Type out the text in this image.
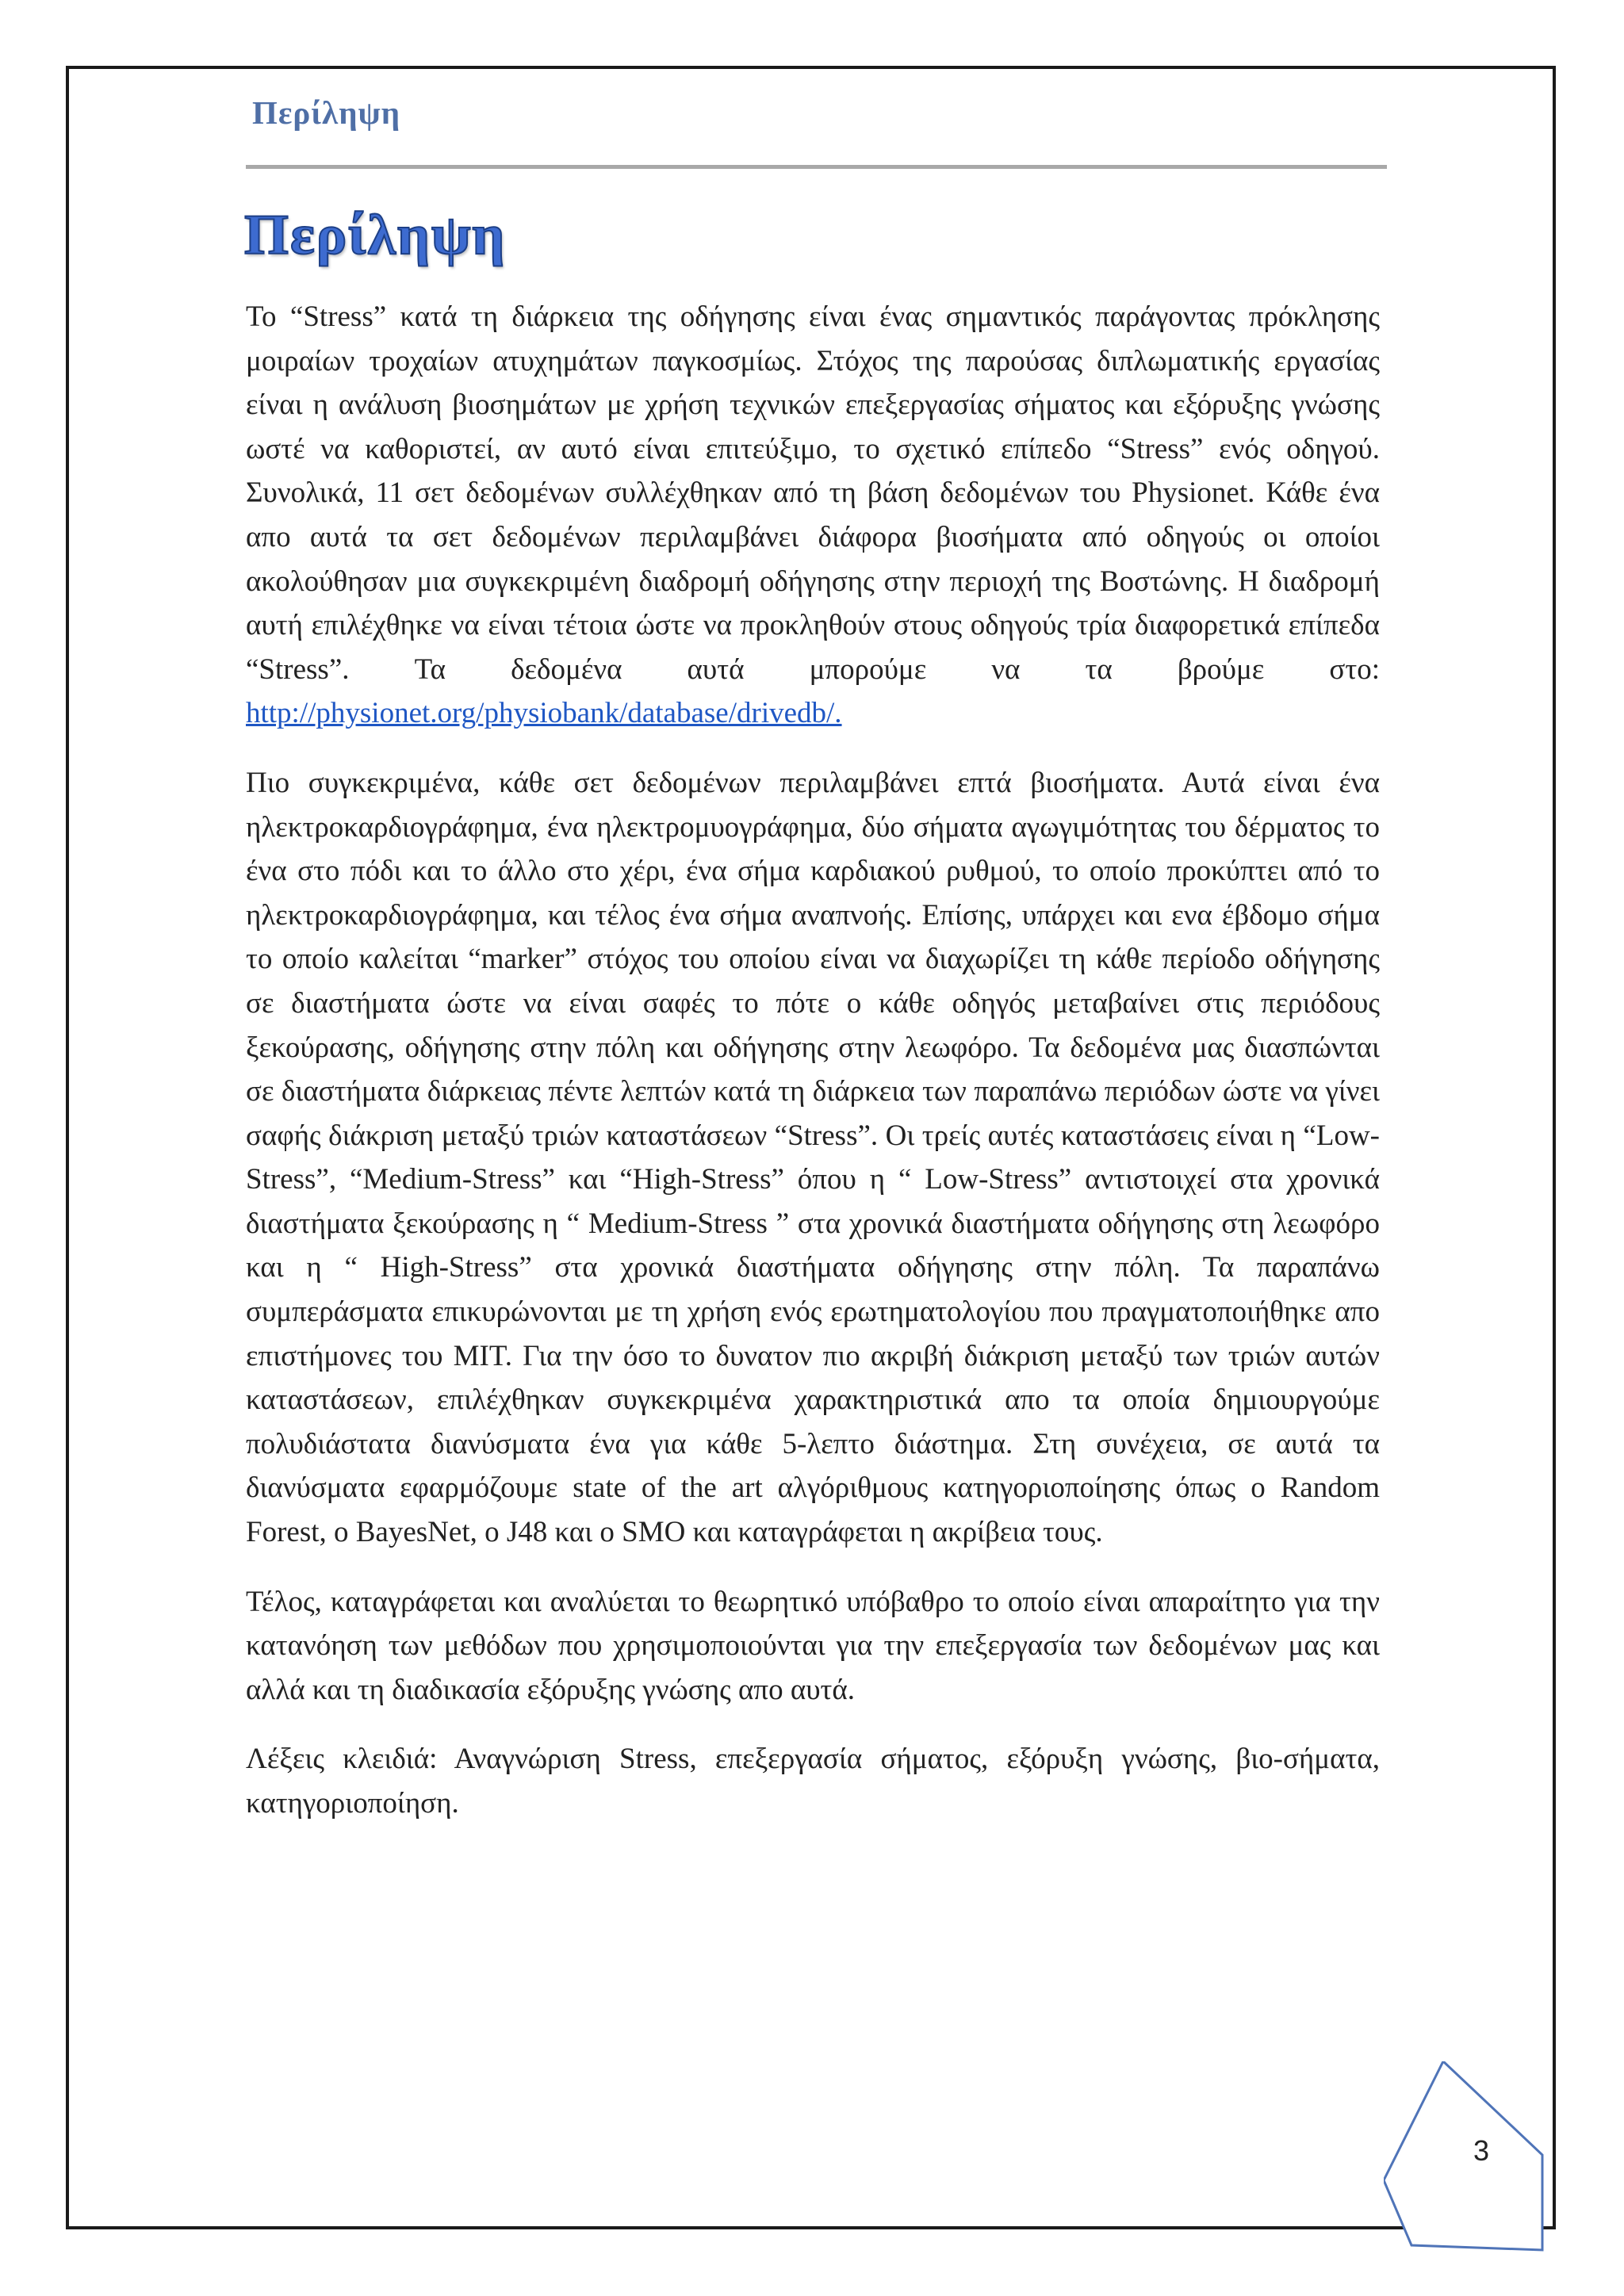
Περίληψη
Περίληψη

Το “Stress” κατά τη διάρκεια της οδήγησης είναι ένας σημαντικός παράγοντας πρόκλησης μοιραίων τροχαίων ατυχημάτων παγκοσμίως. Στόχος της παρούσας διπλωματικής εργασίας είναι η ανάλυση βιοσημάτων με χρήση τεχνικών επεξεργασίας σήματος και εξόρυξης γνώσης ωστέ να καθοριστεί, αν αυτό είναι επιτεύξιμο, το σχετικό επίπεδο “Stress” ενός οδηγού. Συνολικά, 11 σετ δεδομένων συλλέχθηκαν από τη βάση δεδομένων του Physionet. Κάθε ένα απο αυτά τα σετ δεδομένων περιλαμβάνει διάφορα βιοσήματα από οδηγούς οι οποίοι ακολούθησαν μια συγκεκριμένη διαδρομή οδήγησης στην περιοχή της Βοστώνης. Η διαδρομή αυτή επιλέχθηκε να είναι τέτοια ώστε να προκληθούν στους οδηγούς τρία διαφορετικά επίπεδα “Stress”. Τα δεδομένα αυτά μπορούμε να τα βρούμε στο: http://physionet.org/physiobank/database/drivedb/.

Πιο συγκεκριμένα, κάθε σετ δεδομένων περιλαμβάνει επτά βιοσήματα. Αυτά είναι ένα ηλεκτροκαρδιογράφημα, ένα ηλεκτρομυογράφημα, δύο σήματα αγωγιμότητας του δέρματος το ένα στο πόδι και το άλλο στο χέρι, ένα σήμα καρδιακού ρυθμού, το οποίο προκύπτει από το ηλεκτροκαρδιογράφημα, και τέλος ένα σήμα αναπνοής. Επίσης, υπάρχει και ενα έβδομο σήμα το οποίο καλείται “marker” στόχος του οποίου είναι να διαχωρίζει τη κάθε περίοδο οδήγησης σε διαστήματα ώστε να είναι σαφές το πότε ο κάθε οδηγός μεταβαίνει στις περιόδους ξεκούρασης, οδήγησης στην πόλη και οδήγησης στην λεωφόρο. Τα δεδομένα μας διασπώνται σε διαστήματα διάρκειας πέντε λεπτών κατά τη διάρκεια των παραπάνω περιόδων ώστε να γίνει σαφής διάκριση μεταξύ τριών καταστάσεων “Stress”. Οι τρείς αυτές καταστάσεις είναι η “Low-Stress”, “Medium-Stress” και “High-Stress” όπου η “ Low-Stress” αντιστοιχεί στα χρονικά διαστήματα ξεκούρασης η “ Medium-Stress ” στα χρονικά διαστήματα οδήγησης στη λεωφόρο και η “ High-Stress” στα χρονικά διαστήματα οδήγησης στην πόλη. Τα παραπάνω συμπεράσματα επικυρώνονται με τη χρήση ενός ερωτηματολογίου που πραγματοποιήθηκε απο επιστήμονες του MIT. Για την όσο το δυνατον πιο ακριβή διάκριση μεταξύ των τριών αυτών καταστάσεων, επιλέχθηκαν συγκεκριμένα χαρακτηριστικά απο τα οποία δημιουργούμε πολυδιάστατα διανύσματα ένα για κάθε 5-λεπτο διάστημα. Στη συνέχεια, σε αυτά τα διανύσματα εφαρμόζουμε state of the art αλγόριθμους κατηγοριοποίησης όπως ο Random Forest, ο BayesNet, ο J48 και ο SMO και καταγράφεται η ακρίβεια τους.

Τέλος, καταγράφεται και αναλύεται το θεωρητικό υπόβαθρο το οποίο είναι απαραίτητο για την κατανόηση των μεθόδων που χρησιμοποιούνται για την επεξεργασία των δεδομένων μας και αλλά και τη διαδικασία εξόρυξης γνώσης απο αυτά.

Λέξεις κλειδιά: Αναγνώριση Stress, επεξεργασία σήματος, εξόρυξη γνώσης, βιο-σήματα, κατηγοριοποίηση.

3
